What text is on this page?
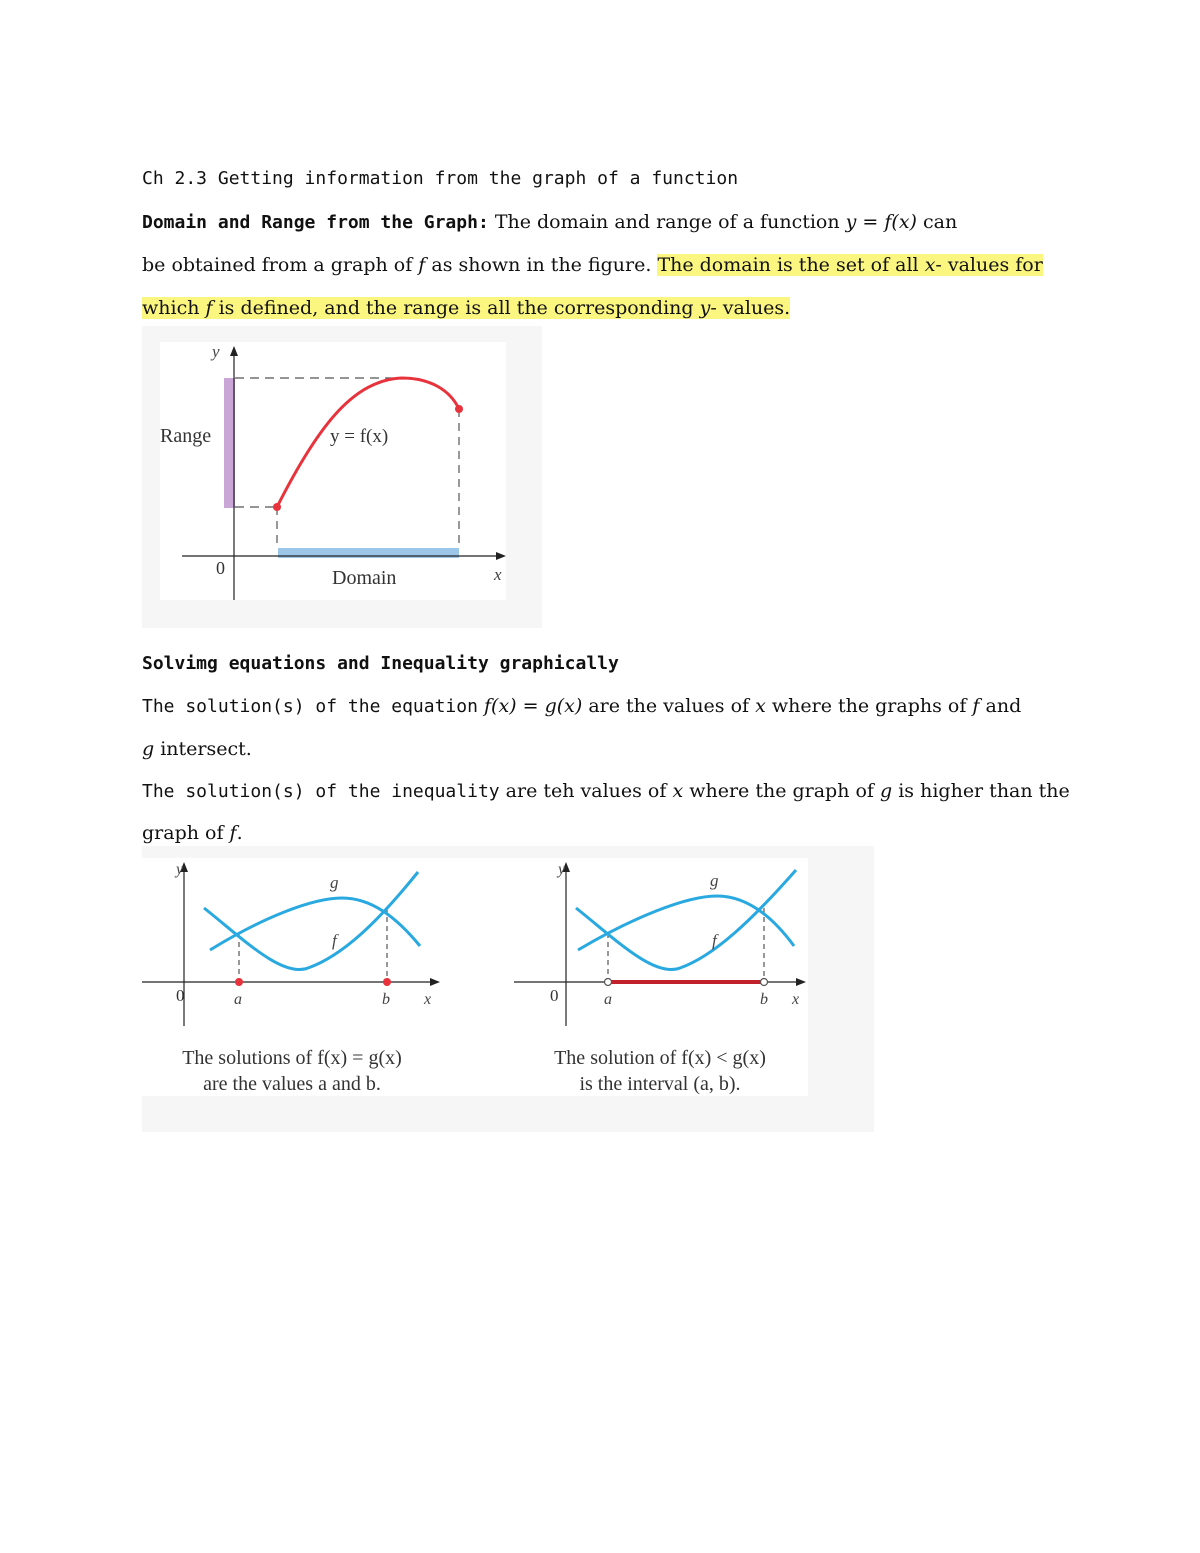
Ch 2.3 Getting information from the graph of a function
Domain and Range from the Graph: The domain and range of a function y = f(x) can
be obtained from a graph of f as shown in the figure. The domain is the set of all x- values for
which f is defined, and the range is all the corresponding y- values.
y
Range	y = f(x)
0	Domain	x
Solvimg equations and Inequality graphically
The solution(s) of the equation f(x) = g(x) are the values of x where the graphs of f and
g intersect.
The solution(s) of the inequality are teh values of x where the graph of g is higher than the
graph of f.
y
g
f
0	a	b x
The solutions of f(x) = g(x)
are the values a and b.
y
g
f
0	a	b x
The solution of f(x) < g(x)
is the interval (a, b).
